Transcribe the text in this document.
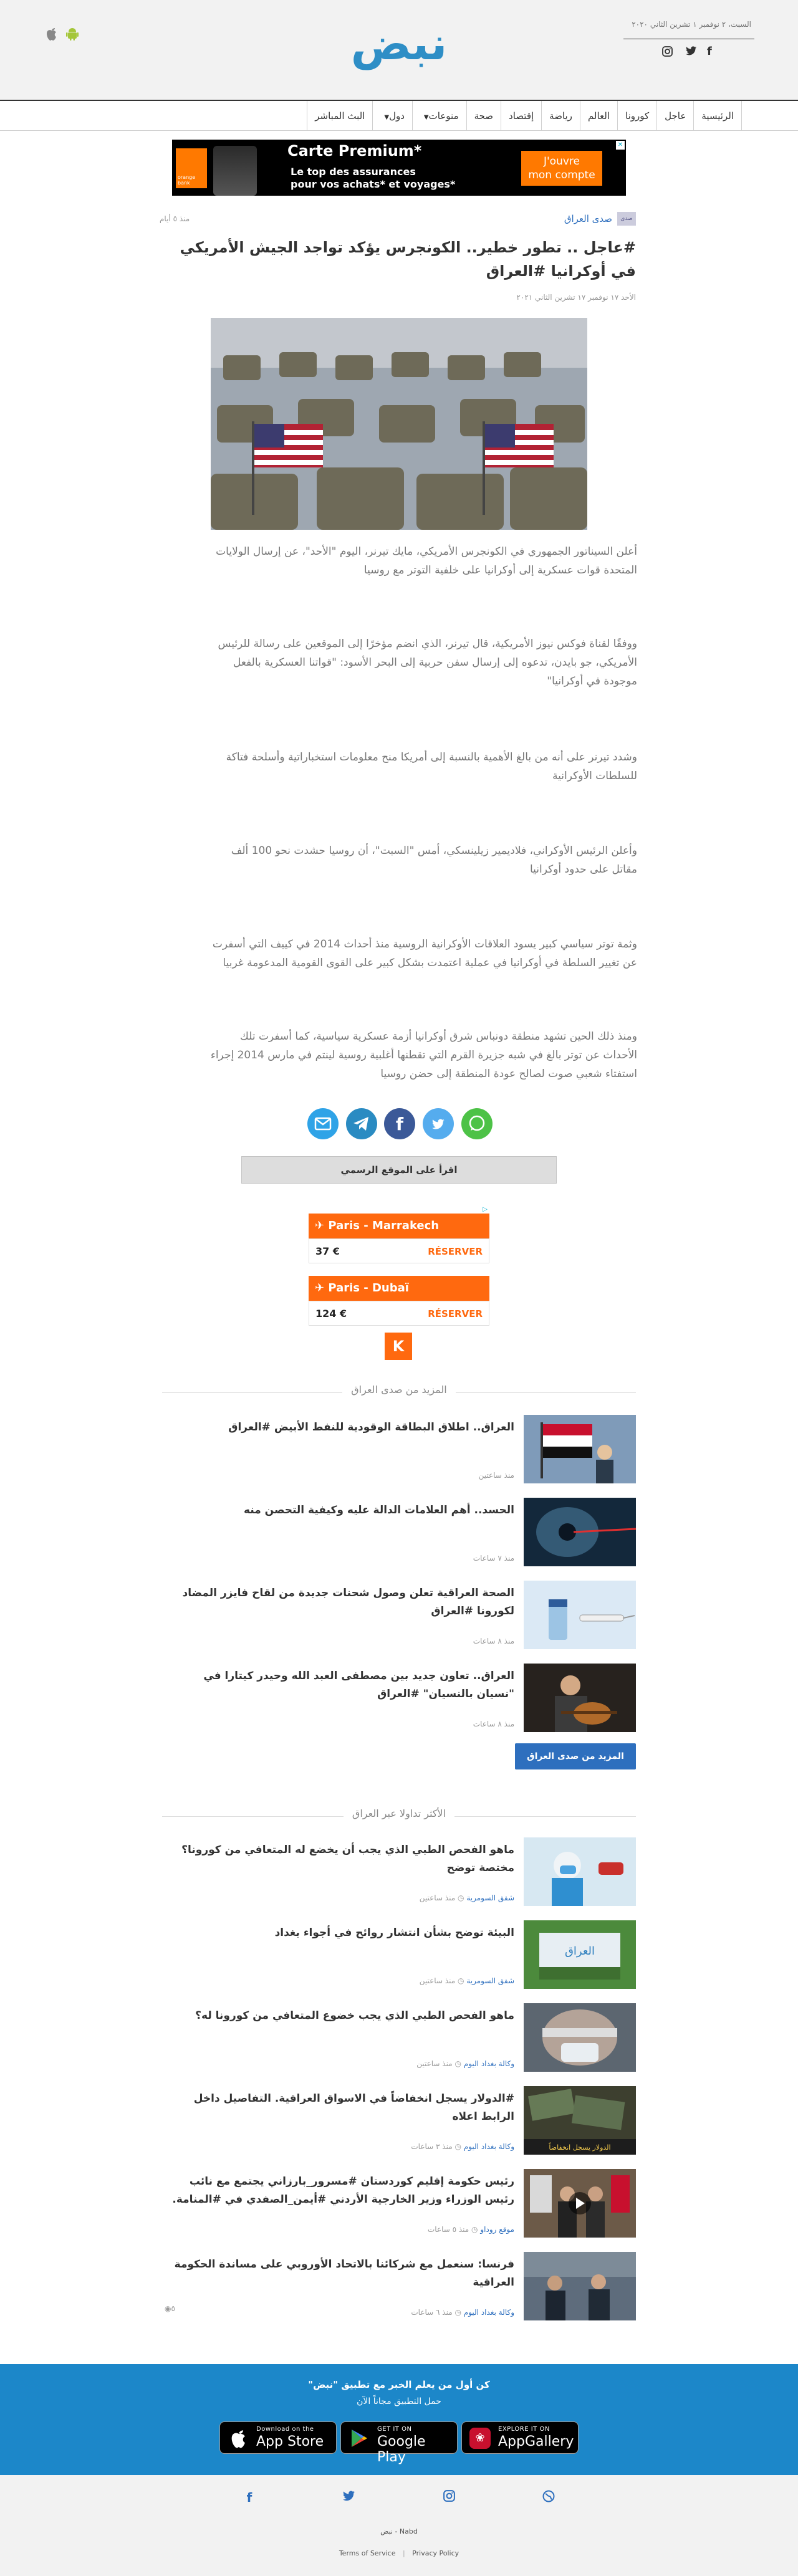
نبض	السبت، ٢ نوفمبر ١ تشرين الثاني ٢٠٢٠
f
الرئيسية
عاجل
كورونا
العالم
رياضة
إقتصاد
صحة
▼منوعات
▼دول
البث المباشر
orange bank
Carte Premium*
Le top des assurances
pour vos achats* et voyages*
J'ouvre
mon compte
✕
صدى
صدى العراق
منذ ٥ أيام
#عاجل .. تطور خطير.. الكونجرس يؤكد تواجد الجيش الأمريكي في أوكرانيا #العراق
الأحد ١٧ نوفمبر ١٧ تشرين الثاني ٢٠٢١
أعلن السيناتور الجمهوري في الكونجرس الأمريكي، مايك تيرنر، اليوم "الأحد"، عن إرسال الولايات المتحدة قوات عسكرية إلى أوكرانيا على خلفية التوتر مع روسيا
ووفقًا لقناة فوكس نيوز الأمريكية، قال تيرنر، الذي انضم مؤخرًا إلى الموقعين على رسالة للرئيس الأمريكي، جو بايدن، تدعوه إلى إرسال سفن حربية إلى البحر الأسود: "قواتنا العسكرية بالفعل موجودة في أوكرانيا"
وشدد تيرنر على أنه من بالغ الأهمية بالنسبة إلى أمريكا منح معلومات استخباراتية وأسلحة فتاكة للسلطات الأوكرانية
وأعلن الرئيس الأوكراني، فلاديمير زيلينسكي، أمس "السبت"، أن روسيا حشدت نحو 100 ألف مقاتل على حدود أوكرانيا
وثمة توتر سياسي كبير يسود العلاقات الأوكرانية الروسية منذ أحداث 2014 في كييف التي أسفرت عن تغيير السلطة في أوكرانيا في عملية اعتمدت بشكل كبير على القوى القومية المدعومة غربيا
ومنذ ذلك الحين تشهد منطقة دونباس شرق أوكرانيا أزمة عسكرية سياسية، كما أسفرت تلك الأحداث عن توتر بالغ في شبه جزيرة القرم التي تقطنها أغلبية روسية لينتم في مارس 2014 إجراء استفتاء شعبي صوت لصالح عودة المنطقة إلى حضن روسيا
f
اقرأ على الموقع الرسمي
▷
✈ Paris - Marrakech
37 €	RÉSERVER
✈ Paris - Dubaï
124 €	RÉSERVER
K
المزيد من صدى العراق
العراق.. اطلاق البطاقة الوقودية للنفط الأبيض #العراق
منذ ساعتين
الحسد.. أهم العلامات الدالة عليه وكيفية التحصن منه
منذ ٧ ساعات
الصحة العراقية تعلن وصول شحنات جديدة من لقاح فايزر المضاد لكورونا #العراق
منذ ٨ ساعات
العراق.. تعاون جديد بين مصطفى العبد الله وحيدر كيتارا في "نسيان بالنسيان" #العراق
منذ ٨ ساعات
المزيد من صدى العراق
الأكثر تداولا عبر العراق
ماهو الفحص الطبي الذي يجب أن يخضع له المتعافي من كورونا؟ مختصة توضح
شفق السومرية ◷ منذ ساعتين
العراق
البيئة توضح بشأن انتشار روائح في أجواء بغداد
شفق السومرية ◷ منذ ساعتين
ماهو الفحص الطبي الذي يجب خضوع المتعافي من كورونا له؟
وكالة بغداد اليوم ◷ منذ ساعتين
الدولار يسجل انخفاضاً
#الدولار يسجل انخفاضاً في الاسواق العراقية. التفاصيل داخل الرابط اعلاه
وكالة بغداد اليوم ◷ منذ ٣ ساعات
رئيس حكومة إقليم كوردستان #مسرور_بارزاني يجتمع مع نائب رئيس الوزراء وزير الخارجية الأردني #أيمن_الصفدي في #المنامة.
موقع روداو ◷ منذ ٥ ساعات
فرنسا: سنعمل مع شركائنا بالاتحاد الأوروبي على مساندة الحكومة العراقية
وكالة بغداد اليوم ◷ منذ ٦ ساعات
◉٥
كن أول من يعلم الخبر مع تطبيق "نبض"
حمل التطبيق مجاناً الآن
Download on the
App Store
GET IT ON
Google Play
❀
EXPLORE IT ON
AppGallery
f
نبض - Nabd
Terms of Service | Privacy Policy
